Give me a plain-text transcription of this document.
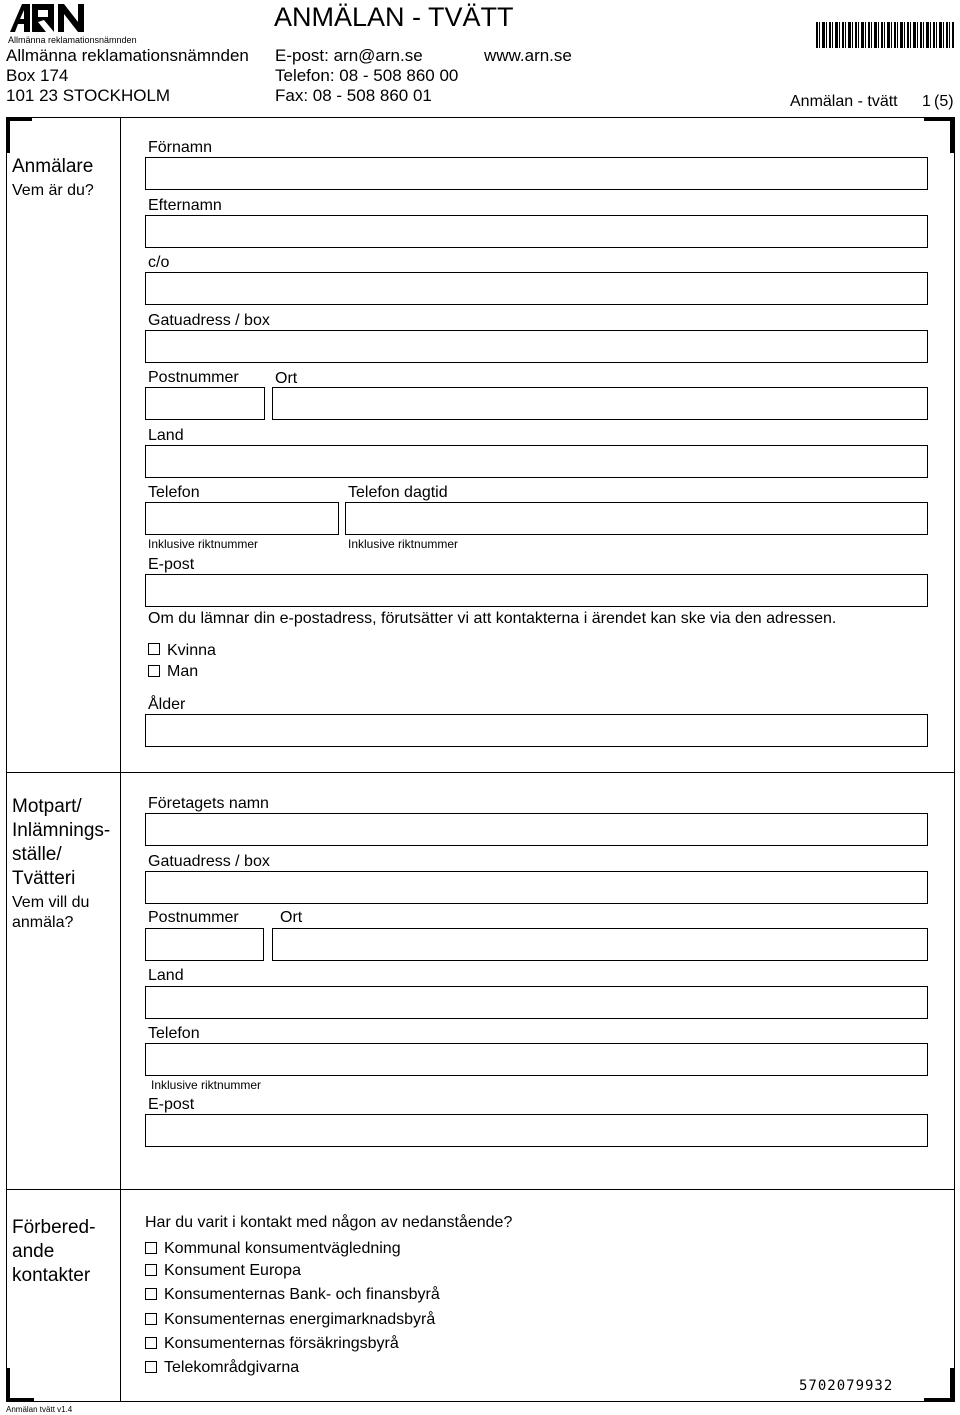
Allmänna reklamationsnämnden
ANMÄLAN - TVÄTT
Allmänna reklamationsnämnden
Box 174
101 23 STOCKHOLM
E-post: arn@arn.se
Telefon: 08 - 508 860 00
Fax: 08 - 508 860 01
www.arn.se
Anmälan - tvätt 1 (5)
Anmälare
Vem är du?
Förnamn
Efternamn
c/o
Gatuadress / box
Postnummer Ort
Land
Telefon	Telefon dagtid
Inklusive riktnummer	Inklusive riktnummer
E-post
Om du lämnar din e-postadress, förutsätter vi att kontakterna i ärendet kan ske via den adressen.
Kvinna
Man
Ålder
Motpart/
Inlämnings-
ställe/
Tvätteri
Vem vill du
anmäla?
Företagets namn
Gatuadress / box
Postnummer	Ort
Land
Telefon
Inklusive riktnummer
E-post
Förbered-
ande
kontakter
Har du varit i kontakt med någon av nedanstående?
Kommunal konsumentvägledning
Konsument Europa
Konsumenternas Bank- och finansbyrå
Konsumenternas energimarknadsbyrå
Konsumenternas försäkringsbyrå
Telekområdgivarna
5702079932
Anmälan tvätt v1.4
